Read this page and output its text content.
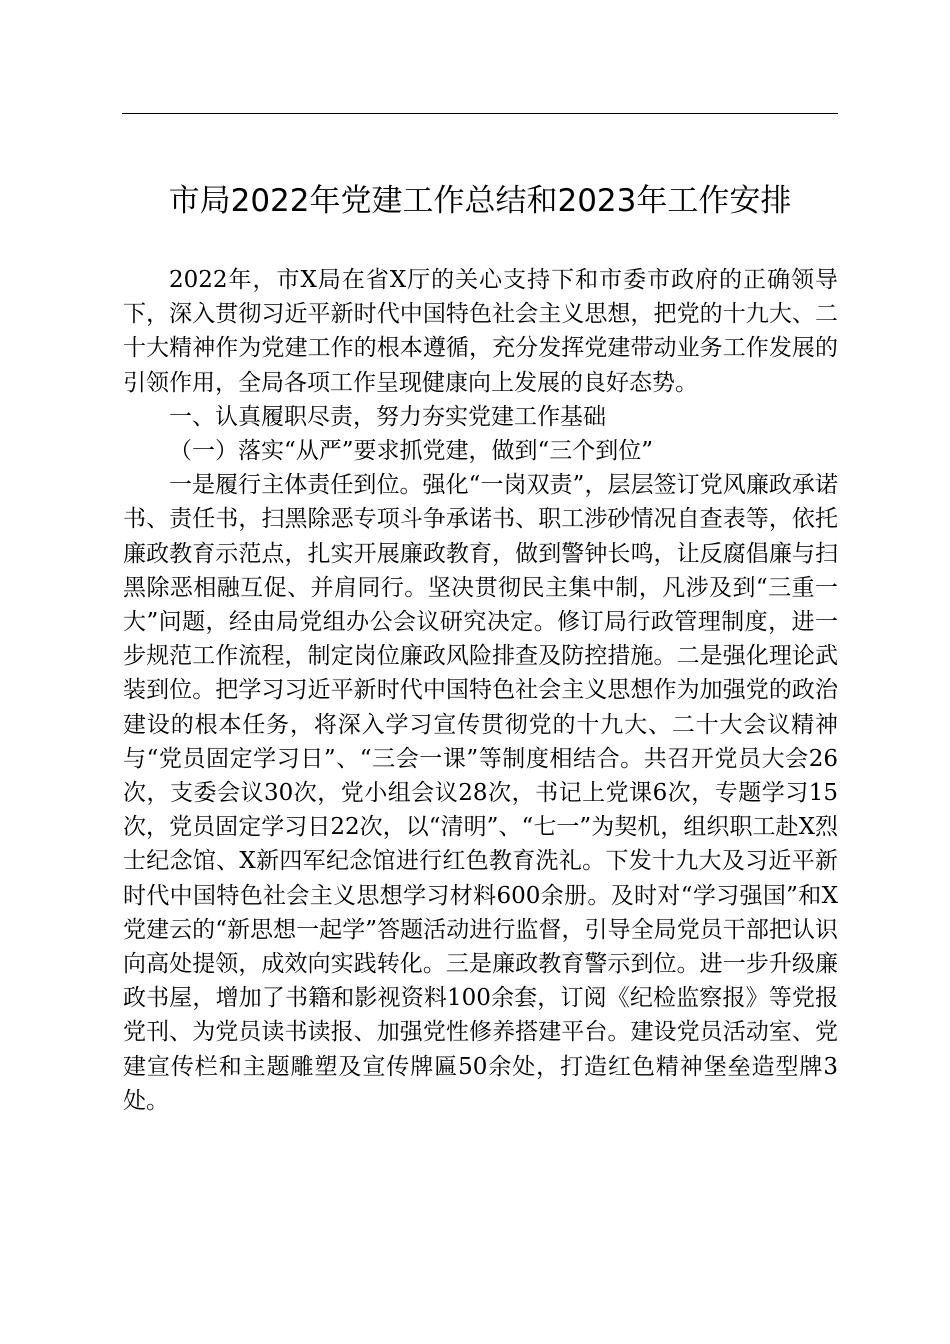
市局2022年党建工作总结和2023年工作安排

2022年，市X局在省X厅的关心支持下和市委市政府的正确领导下，深入贯彻习近平新时代中国特色社会主义思想，把党的十九大、二十大精神作为党建工作的根本遵循，充分发挥党建带动业务工作发展的引领作用，全局各项工作呈现健康向上发展的良好态势。

一、认真履职尽责，努力夯实党建工作基础

（一）落实“从严”要求抓党建，做到“三个到位”

一是履行主体责任到位。强化“一岗双责”，层层签订党风廉政承诺书、责任书，扫黑除恶专项斗争承诺书、职工涉砂情况自查表等，依托廉政教育示范点，扎实开展廉政教育，做到警钟长鸣，让反腐倡廉与扫黑除恶相融互促、并肩同行。坚决贯彻民主集中制，凡涉及到“三重一大”问题，经由局党组办公会议研究决定。修订局行政管理制度，进一步规范工作流程，制定岗位廉政风险排查及防控措施。二是强化理论武装到位。把学习习近平新时代中国特色社会主义思想作为加强党的政治建设的根本任务，将深入学习宣传贯彻党的十九大、二十大会议精神与“党员固定学习日”、“三会一课”等制度相结合。共召开党员大会26次，支委会议30次，党小组会议28次，书记上党课6次，专题学习15次，党员固定学习日22次，以“清明”、“七一”为契机，组织职工赴X烈士纪念馆、X新四军纪念馆进行红色教育洗礼。下发十九大及习近平新时代中国特色社会主义思想学习材料600余册。及时对“学习强国”和X党建云的“新思想一起学”答题活动进行监督，引导全局党员干部把认识向高处提领，成效向实践转化。三是廉政教育警示到位。进一步升级廉政书屋，增加了书籍和影视资料100余套，订阅《纪检监察报》等党报党刊、为党员读书读报、加强党性修养搭建平台。建设党员活动室、党建宣传栏和主题雕塑及宣传牌匾50余处，打造红色精神堡垒造型牌3处。
